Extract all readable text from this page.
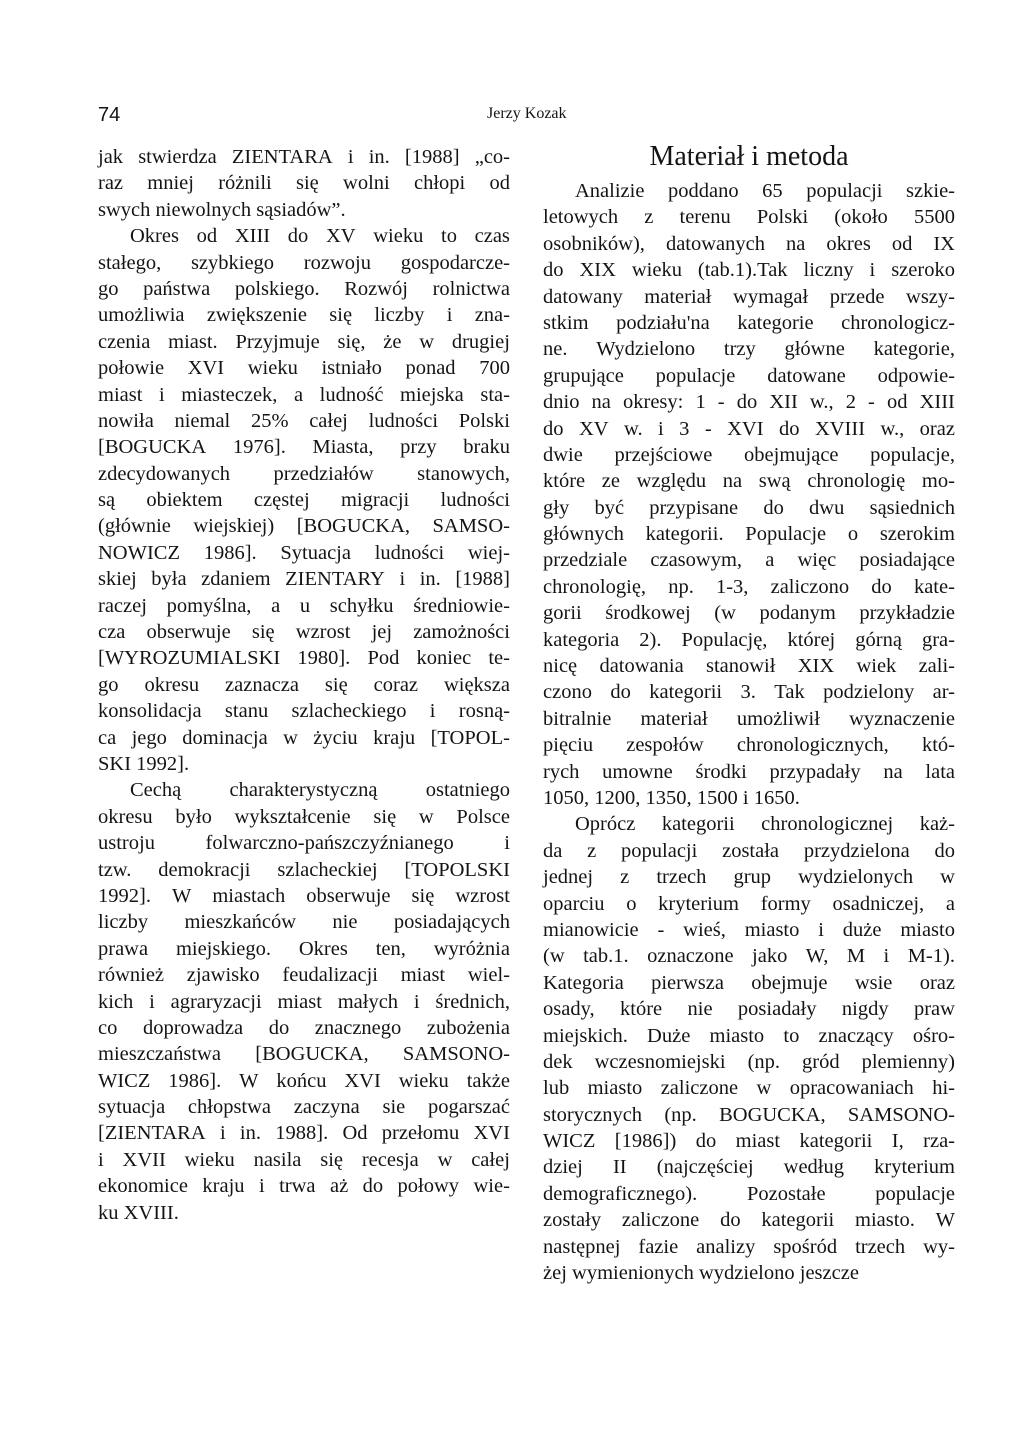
74	Jerzy Kozak
jak stwierdza ZIENTARA i in. [1988] „co-
raz mniej różnili się wolni chłopi od
swych niewolnych sąsiadów”.
Okres od XIII do XV wieku to czas
stałego, szybkiego rozwoju gospodarcze-
go państwa polskiego. Rozwój rolnictwa
umożliwia zwiększenie się liczby i zna-
czenia miast. Przyjmuje się, że w drugiej
połowie XVI wieku istniało ponad 700
miast i miasteczek, a ludność miejska sta-
nowiła niemal 25% całej ludności Polski
[BOGUCKA 1976]. Miasta, przy braku
zdecydowanych przedziałów stanowych,
są obiektem częstej migracji ludności
(głównie wiejskiej) [BOGUCKA, SAMSO-
NOWICZ 1986]. Sytuacja ludności wiej-
skiej była zdaniem ZIENTARY i in. [1988]
raczej pomyślna, a u schyłku średniowie-
cza obserwuje się wzrost jej zamożności
[WYROZUMIALSKI 1980]. Pod koniec te-
go okresu zaznacza się coraz większa
konsolidacja stanu szlacheckiego i rosną-
ca jego dominacja w życiu kraju [TOPOL-
SKI 1992].
Cechą charakterystyczną ostatniego
okresu było wykształcenie się w Polsce
ustroju folwarczno-pańszczyźnianego i
tzw. demokracji szlacheckiej [TOPOLSKI
1992]. W miastach obserwuje się wzrost
liczby mieszkańców nie posiadających
prawa miejskiego. Okres ten, wyróżnia
również zjawisko feudalizacji miast wiel-
kich i agraryzacji miast małych i średnich,
co doprowadza do znacznego zubożenia
mieszczaństwa [BOGUCKA, SAMSONO-
WICZ 1986]. W końcu XVI wieku także
sytuacja chłopstwa zaczyna sie pogarszać
[ZIENTARA i in. 1988]. Od przełomu XVI
i XVII wieku nasila się recesja w całej
ekonomice kraju i trwa aż do połowy wie-
ku XVIII.
Materiał i metoda
Analizie poddano 65 populacji szkie-
letowych z terenu Polski (około 5500
osobników), datowanych na okres od IX
do XIX wieku (tab.1).Tak liczny i szeroko
datowany materiał wymagał przede wszy-
stkim podziału'na kategorie chronologicz-
ne. Wydzielono trzy główne kategorie,
grupujące populacje datowane odpowie-
dnio na okresy: 1 - do XII w., 2 - od XIII
do XV w. i 3 - XVI do XVIII w., oraz
dwie przejściowe obejmujące populacje,
które ze względu na swą chronologię mo-
gły być przypisane do dwu sąsiednich
głównych kategorii. Populacje o szerokim
przedziale czasowym, a więc posiadające
chronologię, np. 1-3, zaliczono do kate-
gorii środkowej (w podanym przykładzie
kategoria 2). Populację, której górną gra-
nicę datowania stanowił XIX wiek zali-
czono do kategorii 3. Tak podzielony ar-
bitralnie materiał umożliwił wyznaczenie
pięciu zespołów chronologicznych, któ-
rych umowne środki przypadały na lata
1050, 1200, 1350, 1500 i 1650.
Oprócz kategorii chronologicznej każ-
da z populacji została przydzielona do
jednej z trzech grup wydzielonych w
oparciu o kryterium formy osadniczej, a
mianowicie - wieś, miasto i duże miasto
(w tab.1. oznaczone jako W, M i M-1).
Kategoria pierwsza obejmuje wsie oraz
osady, które nie posiadały nigdy praw
miejskich. Duże miasto to znaczący ośro-
dek wczesnomiejski (np. gród plemienny)
lub miasto zaliczone w opracowaniach hi-
storycznych (np. BOGUCKA, SAMSONO-
WICZ [1986]) do miast kategorii I, rza-
dziej II (najczęściej według kryterium
demograficznego). Pozostałe populacje
zostały zaliczone do kategorii miasto. W
następnej fazie analizy spośród trzech wy-
żej wymienionych wydzielono jeszcze
